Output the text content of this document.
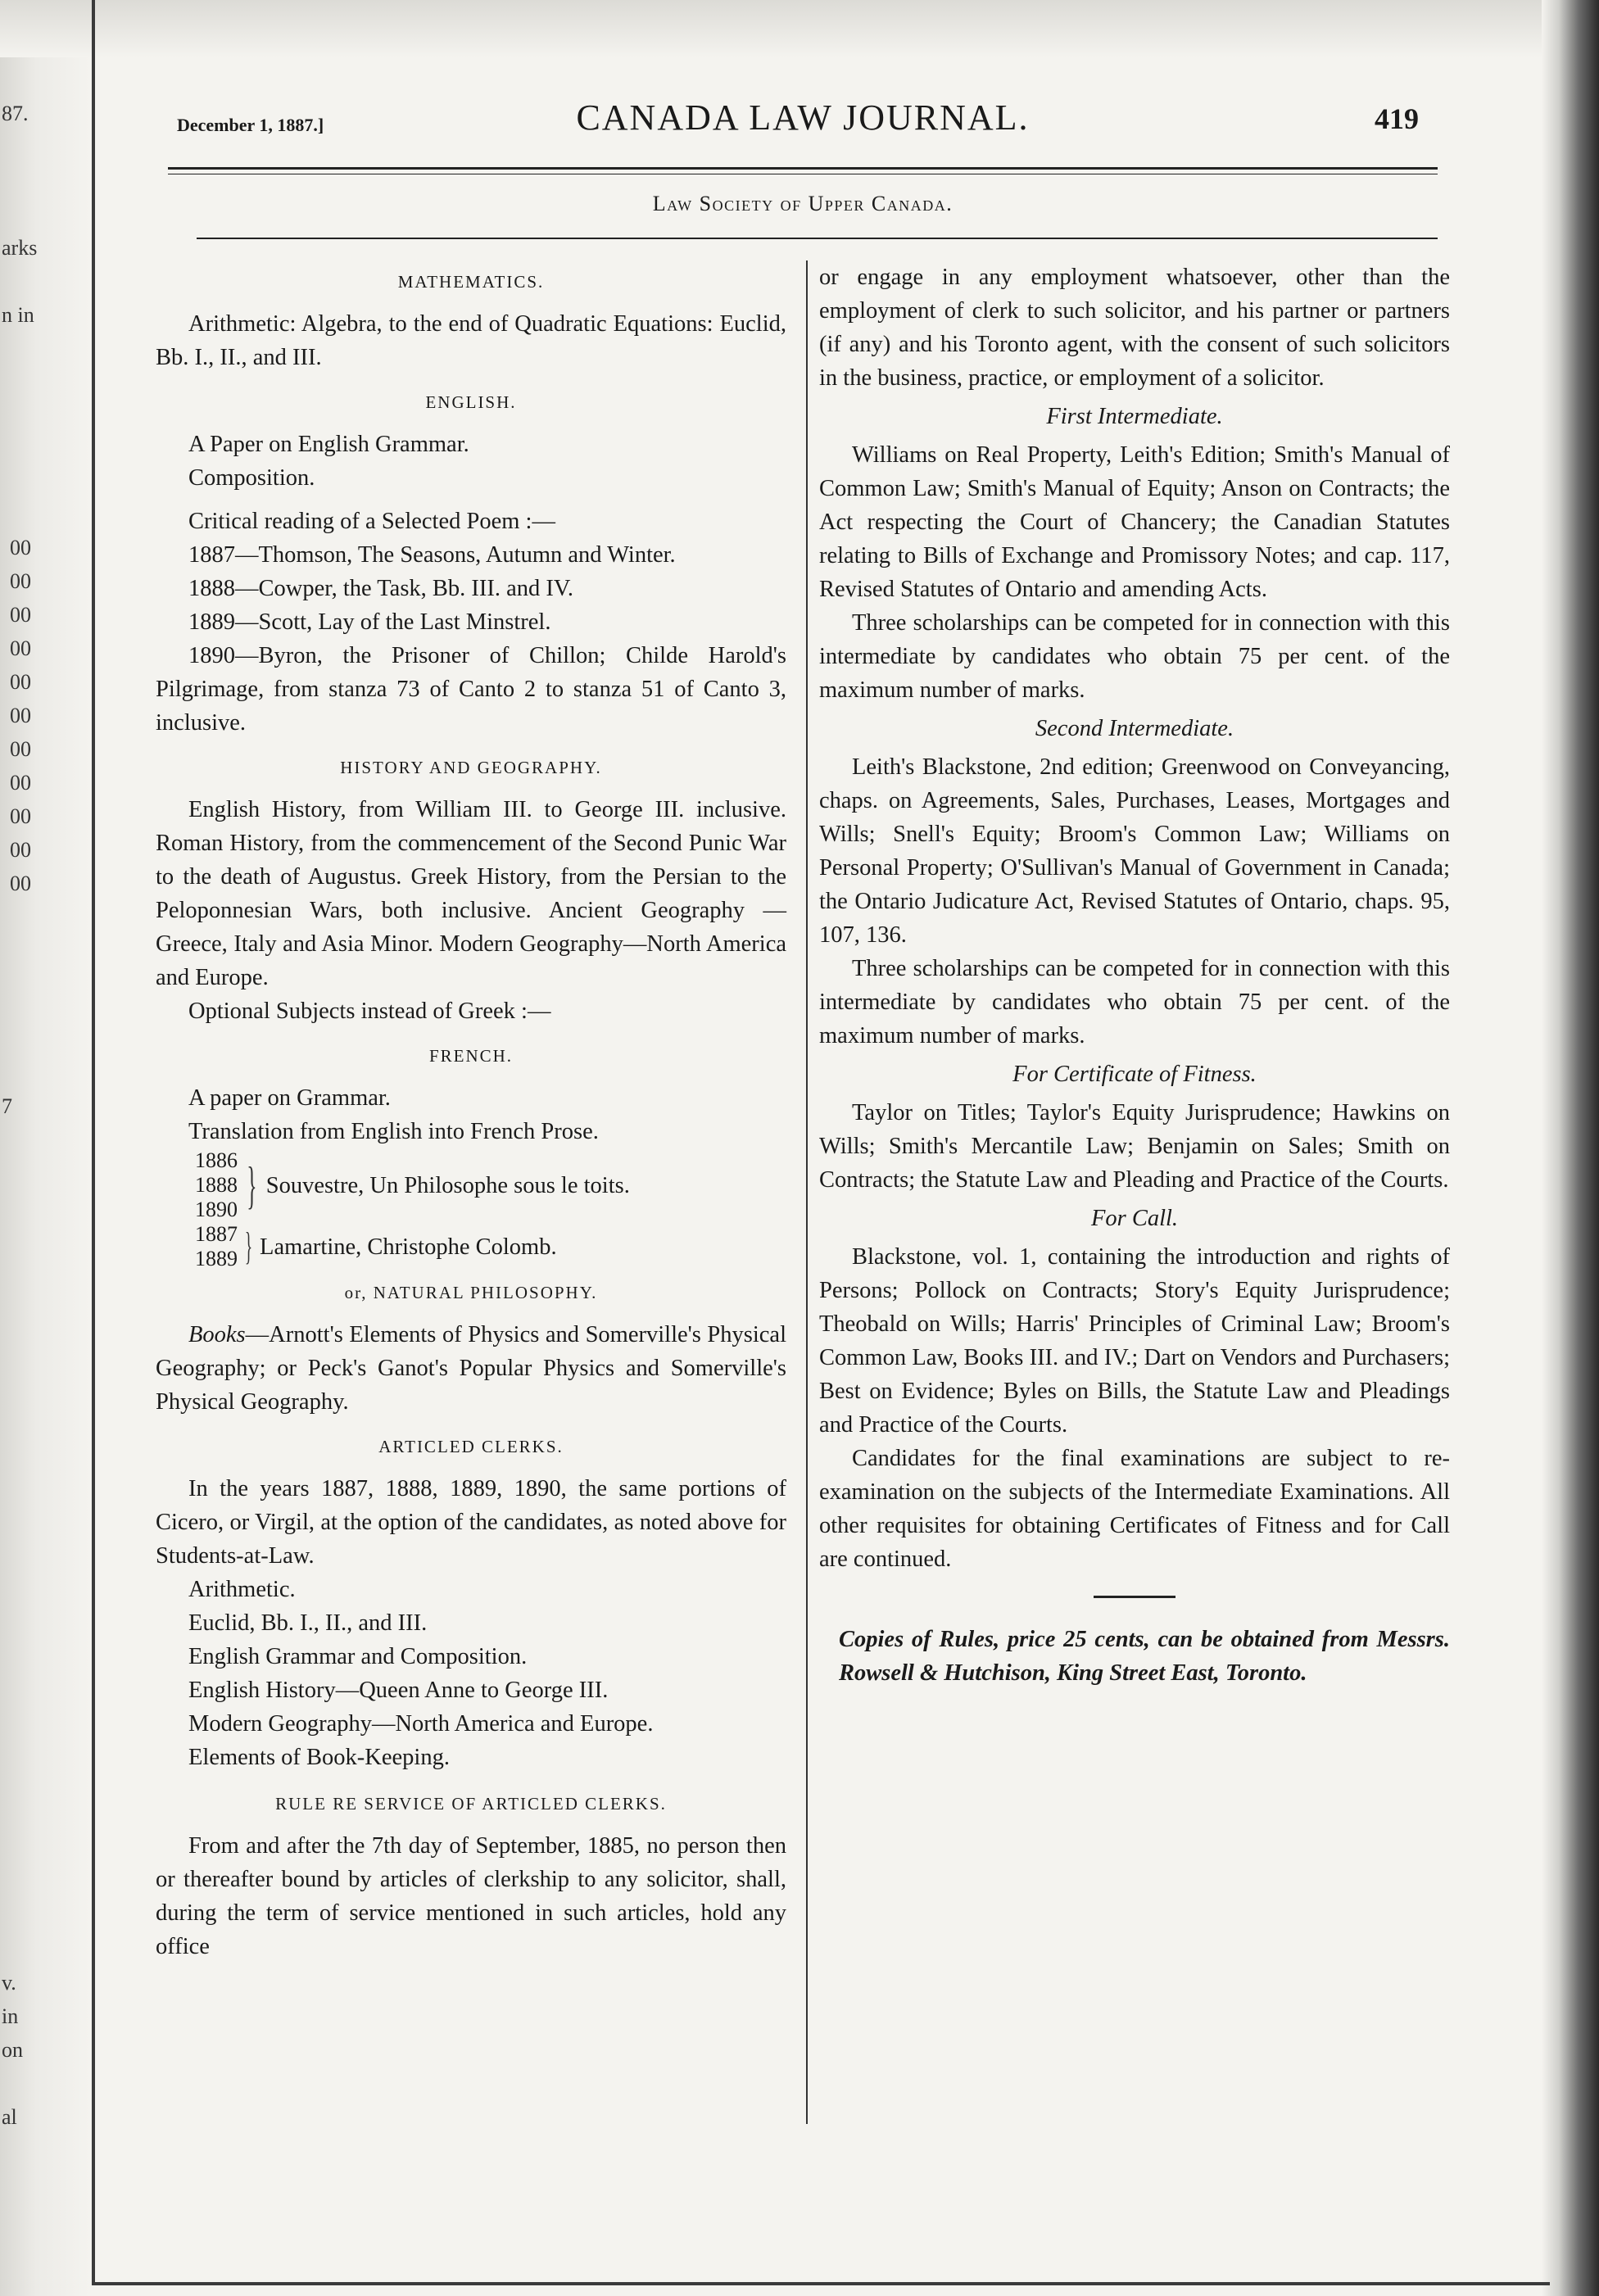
87.

arks

n in
00
00
00
00
00
00
00
00
00
00
00
7
v.
in
on

al
December 1, 1887.]	CANADA LAW JOURNAL.	419
Law Society of Upper Canada.

MATHEMATICS.

Arithmetic: Algebra, to the end of Quadratic Equations: Euclid, Bb. I., II., and III.

ENGLISH.

A Paper on English Grammar.

Composition.

Critical reading of a Selected Poem :—

1887—Thomson, The Seasons, Autumn and Winter.

1888—Cowper, the Task, Bb. III. and IV.

1889—Scott, Lay of the Last Minstrel.

1890—Byron, the Prisoner of Chillon; Childe Harold's Pilgrimage, from stanza 73 of Canto 2 to stanza 51 of Canto 3, inclusive.

HISTORY AND GEOGRAPHY.

English History, from William III. to George III. inclusive. Roman History, from the commencement of the Second Punic War to the death of Augustus. Greek History, from the Persian to the Peloponnesian Wars, both inclusive. Ancient Geography — Greece, Italy and Asia Minor. Modern Geography—North America and Europe.

Optional Subjects instead of Greek :—

FRENCH.

A paper on Grammar.

Translation from English into French Prose.

1886
1888
1890 } Souvestre, Un Philosophe sous le toits.
1887
1889 } Lamartine, Christophe Colomb.

or, NATURAL PHILOSOPHY.

Books—Arnott's Elements of Physics and Somerville's Physical Geography; or Peck's Ganot's Popular Physics and Somerville's Physical Geography.

ARTICLED CLERKS.

In the years 1887, 1888, 1889, 1890, the same portions of Cicero, or Virgil, at the option of the candidates, as noted above for Students-at-Law.

Arithmetic.

Euclid, Bb. I., II., and III.

English Grammar and Composition.

English History—Queen Anne to George III.

Modern Geography—North America and Europe.

Elements of Book-Keeping.

RULE RE SERVICE OF ARTICLED CLERKS.

From and after the 7th day of September, 1885, no person then or thereafter bound by articles of clerkship to any solicitor, shall, during the term of service mentioned in such articles, hold any office

or engage in any employment whatsoever, other than the employment of clerk to such solicitor, and his partner or partners (if any) and his Toronto agent, with the consent of such solicitors in the business, practice, or employment of a solicitor.

First Intermediate.

Williams on Real Property, Leith's Edition; Smith's Manual of Common Law; Smith's Manual of Equity; Anson on Contracts; the Act respecting the Court of Chancery; the Canadian Statutes relating to Bills of Exchange and Promissory Notes; and cap. 117, Revised Statutes of Ontario and amending Acts.

Three scholarships can be competed for in connection with this intermediate by candidates who obtain 75 per cent. of the maximum number of marks.

Second Intermediate.

Leith's Blackstone, 2nd edition; Greenwood on Conveyancing, chaps. on Agreements, Sales, Purchases, Leases, Mortgages and Wills; Snell's Equity; Broom's Common Law; Williams on Personal Property; O'Sullivan's Manual of Government in Canada; the Ontario Judicature Act, Revised Statutes of Ontario, chaps. 95, 107, 136.

Three scholarships can be competed for in connection with this intermediate by candidates who obtain 75 per cent. of the maximum number of marks.

For Certificate of Fitness.

Taylor on Titles; Taylor's Equity Jurisprudence; Hawkins on Wills; Smith's Mercantile Law; Benjamin on Sales; Smith on Contracts; the Statute Law and Pleading and Practice of the Courts.

For Call.

Blackstone, vol. 1, containing the introduction and rights of Persons; Pollock on Contracts; Story's Equity Jurisprudence; Theobald on Wills; Harris' Principles of Criminal Law; Broom's Common Law, Books III. and IV.; Dart on Vendors and Purchasers; Best on Evidence; Byles on Bills, the Statute Law and Pleadings and Practice of the Courts.

Candidates for the final examinations are subject to re-examination on the subjects of the Intermediate Examinations. All other requisites for obtaining Certificates of Fitness and for Call are continued.

Copies of Rules, price 25 cents, can be obtained from Messrs. Rowsell & Hutchison, King Street East, Toronto.
